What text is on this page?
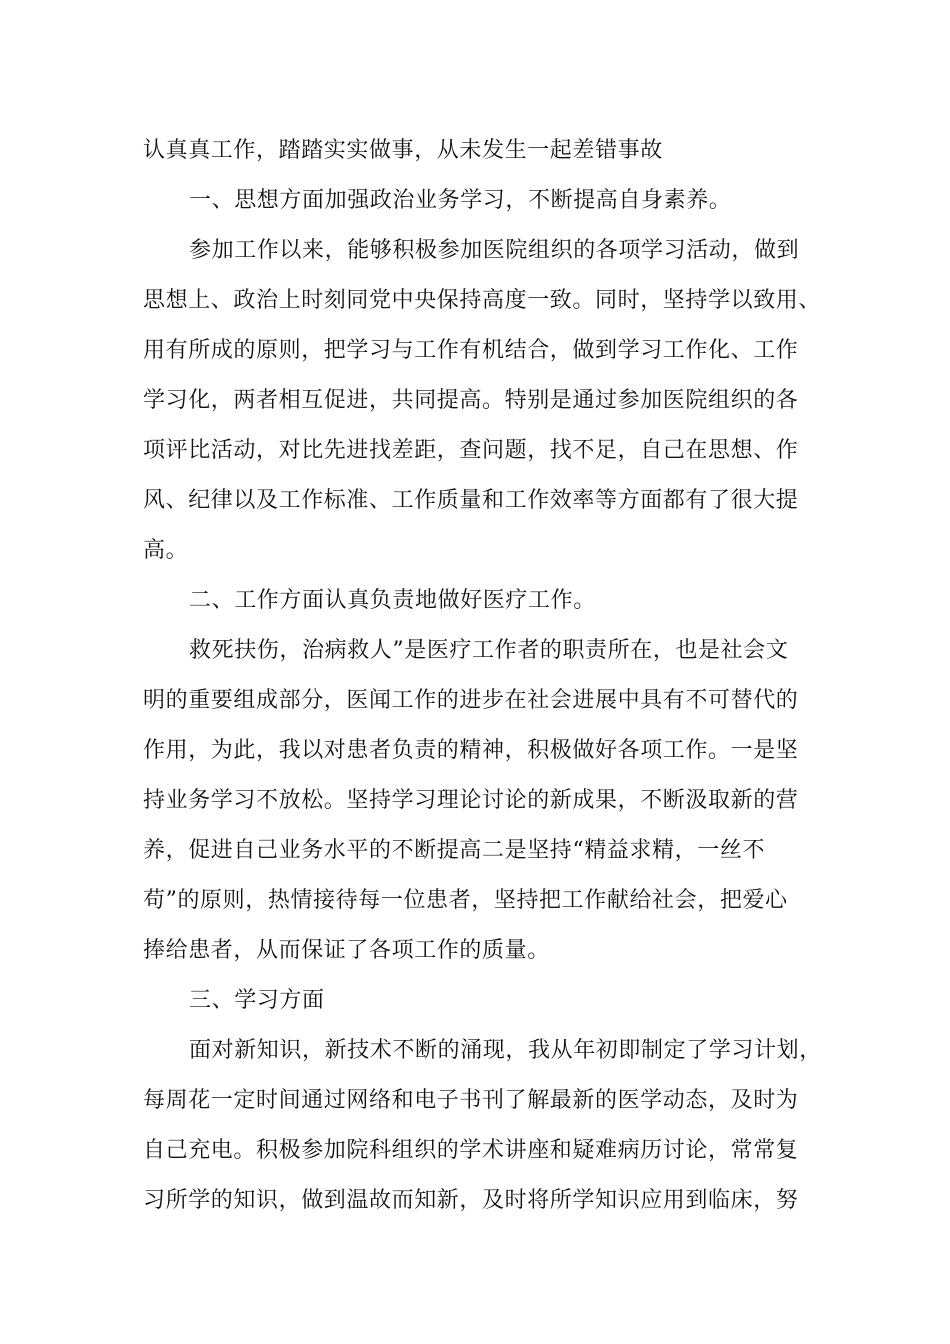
认真真工作，踏踏实实做事，从未发生一起差错事故
一、思想方面加强政治业务学习，不断提高自身素养。
参加工作以来，能够积极参加医院组织的各项学习活动，做到
思想上、政治上时刻同党中央保持高度一致。同时，坚持学以致用、
用有所成的原则，把学习与工作有机结合，做到学习工作化、工作
学习化，两者相互促进，共同提高。特别是通过参加医院组织的各
项评比活动，对比先进找差距，查问题，找不足，自己在思想、作
风、纪律以及工作标准、工作质量和工作效率等方面都有了很大提
高。
二、工作方面认真负责地做好医疗工作。
救死扶伤，治病救人”是医疗工作者的职责所在，也是社会文
明的重要组成部分，医闻工作的进步在社会进展中具有不可替代的
作用，为此，我以对患者负责的精神，积极做好各项工作。一是坚
持业务学习不放松。坚持学习理论讨论的新成果，不断汲取新的营
养，促进自己业务水平的不断提高二是坚持“精益求精，一丝不
苟”的原则，热情接待每一位患者，坚持把工作献给社会，把爱心
捧给患者，从而保证了各项工作的质量。
三、学习方面
面对新知识，新技术不断的涌现，我从年初即制定了学习计划，
每周花一定时间通过网络和电子书刊了解最新的医学动态，及时为
自己充电。积极参加院科组织的学术讲座和疑难病历讨论，常常复
习所学的知识，做到温故而知新，及时将所学知识应用到临床，努
